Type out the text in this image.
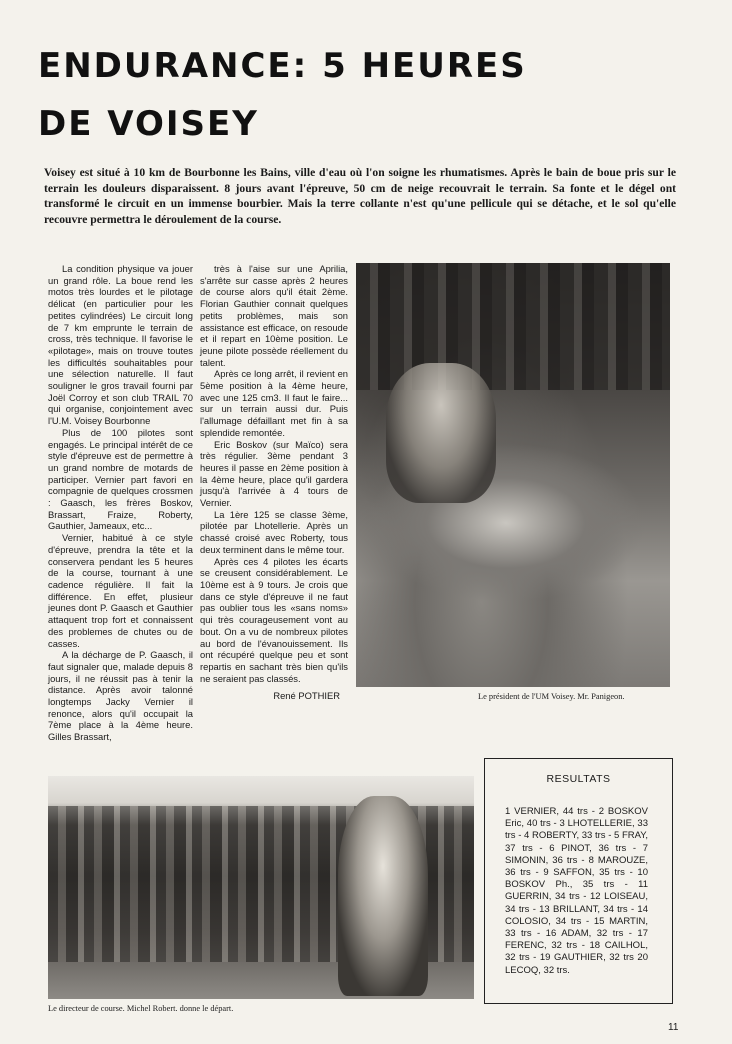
ENDURANCE: 5 HEURES
DE VOISEY
Voisey est situé à 10 km de Bourbonne les Bains, ville d'eau où l'on soigne les rhumatismes. Après le bain de boue pris sur le terrain les douleurs disparaissent. 8 jours avant l'épreuve, 50 cm de neige recouvrait le terrain. Sa fonte et le dégel ont transformé le circuit en un immense bourbier. Mais la terre collante n'est qu'une pellicule qui se détache, et le sol qu'elle recouvre permettra le déroulement de la course.

La condition physique va jouer un grand rôle. La boue rend les motos très lourdes et le pilotage délicat (en particulier pour les petites cylindrées) Le circuit long de 7 km emprunte le terrain de cross, très technique. Il favorise le «pilotage», mais on trouve toutes les difficultés souhaitables pour une sélection naturelle. Il faut souligner le gros travail fourni par Joël Corroy et son club TRAIL 70 qui organise, conjointement avec l'U.M. Voisey Bourbonne

Plus de 100 pilotes sont engagés. Le principal intérêt de ce style d'épreuve est de permettre à un grand nombre de motards de participer. Vernier part favori en compagnie de quelques crossmen : Gaasch, les frères Boskov, Brassart, Fraize, Roberty, Gauthier, Jameaux, etc...

Vernier, habitué à ce style d'épreuve, prendra la tête et la conservera pendant les 5 heures de la course, tournant à une cadence régulière. Il fait la différence. En effet, plusieur jeunes dont P. Gaasch et Gauthier attaquent trop fort et connaissent des problemes de chutes ou de casses.

A la décharge de P. Gaasch, il faut signaler que, malade depuis 8 jours, il ne réussit pas à tenir la distance. Après avoir talonné longtemps Jacky Vernier il renonce, alors qu'il occupait la 7ème place à la 4ème heure. Gilles Brassart,

très à l'aise sur une Aprilia, s'arrête sur casse après 2 heures de course alors qu'il était 2ème. Florian Gauthier connait quelques petits problèmes, mais son assistance est efficace, on resoude et il repart en 10ème position. Le jeune pilote possède réellement du talent.

Après ce long arrêt, il revient en 5ème position à la 4ème heure, avec une 125 cm3. Il faut le faire... sur un terrain aussi dur. Puis l'allumage défaillant met fin à sa splendide remontée.

Eric Boskov (sur Maïco) sera très régulier. 3ème pendant 3 heures il passe en 2ème position à la 4ème heure, place qu'il gardera jusqu'à l'arrivée à 4 tours de Vernier.

La 1ère 125 se classe 3ème, pilotée par Lhotellerie. Après un chassé croisé avec Roberty, tous deux terminent dans le même tour.

Après ces 4 pilotes les écarts se creusent considérablement. Le 10ème est à 9 tours. Je crois que dans ce style d'épreuve il ne faut pas oublier tous les «sans noms» qui très courageusement vont au bout. On a vu de nombreux pilotes au bord de l'évanouissement. Ils ont récupéré quelque peu et sont repartis en sachant très bien qu'ils ne seraient pas classés.

René POTHIER	Le président de l'UM Voisey. Mr. Panigeon.
Le directeur de course. Michel Robert. donne le départ.
RESULTATS
1 VERNIER, 44 trs - 2 BOSKOV Eric, 40 trs - 3 LHOTELLERIE, 33 trs - 4 ROBERTY, 33 trs - 5 FRAY, 37 trs - 6 PINOT, 36 trs - 7 SIMONIN, 36 trs - 8 MAROUZE, 36 trs - 9 SAFFON, 35 trs - 10 BOSKOV Ph., 35 trs - 11 GUERRIN, 34 trs - 12 LOISEAU, 34 trs - 13 BRILLANT, 34 trs - 14 COLOSIO, 34 trs - 15 MARTIN, 33 trs - 16 ADAM, 32 trs - 17 FERENC, 32 trs - 18 CAILHOL, 32 trs - 19 GAUTHIER, 32 trs 20 LECOQ, 32 trs.
11
